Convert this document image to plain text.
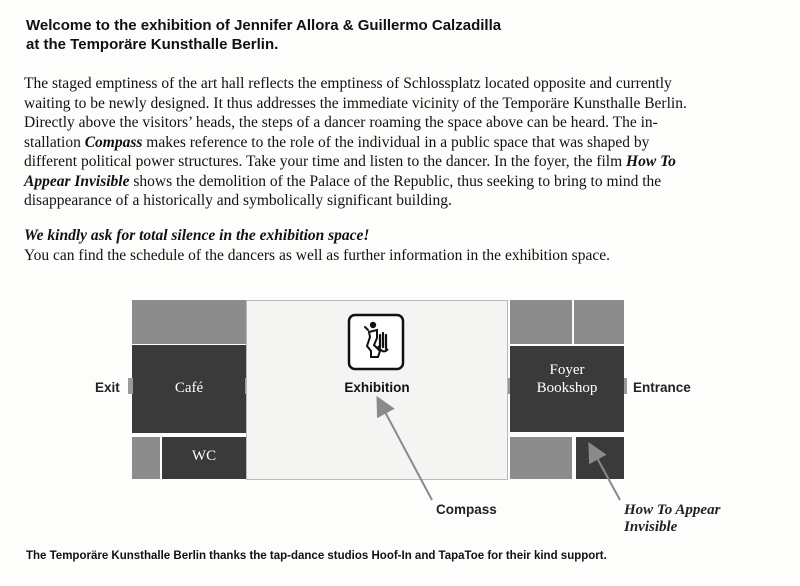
Welcome to the exhibition of Jennifer Allora & Guillermo Calzadilla
at the Temporäre Kunsthalle Berlin.
The staged emptiness of the art hall reflects the emptiness of Schlossplatz located opposite and currently
waiting to be newly designed. It thus addresses the immediate vicinity of the Temporäre Kunsthalle Berlin.
Directly above the visitors’ heads, the steps of a dancer roaming the space above can be heard. The in-
stallation Compass makes reference to the role of the individual in a public space that was shaped by
different political power structures. Take your time and listen to the dancer. In the foyer, the film How To
Appear Invisible shows the demolition of the Palace of the Republic, thus seeking to bring to mind the
disappearance of a historically and symbolically significant building.
We kindly ask for total silence in the exhibition space!
You can find the schedule of the dancers as well as further information in the exhibition space.
Café
WC
Exhibition
Foyer
Bookshop
Exit	Entrance
Compass	How To Appear
Invisible
The Temporäre Kunsthalle Berlin thanks the tap-dance studios Hoof-In and TapaToe for their kind support.
